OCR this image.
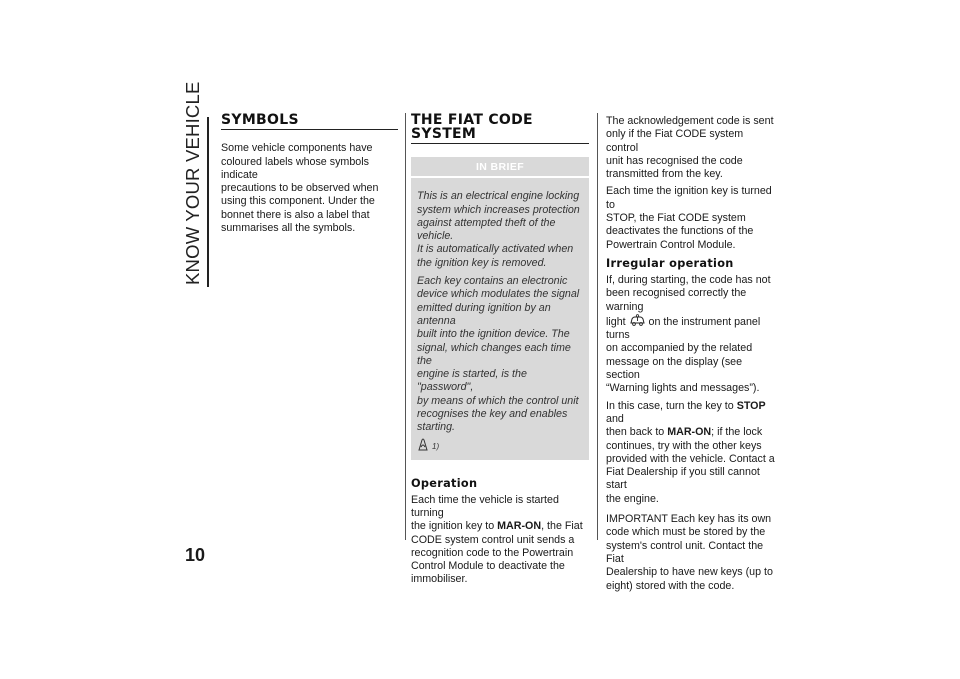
KNOW YOUR VEHICLE
10
SYMBOLS
Some vehicle components have
coloured labels whose symbols indicate
precautions to be observed when
using this component. Under the
bonnet there is also a label that
summarises all the symbols.
THE FIAT CODE
SYSTEM
IN BRIEF
This is an electrical engine locking
system which increases protection
against attempted theft of the vehicle.
It is automatically activated when
the ignition key is removed.
Each key contains an electronic
device which modulates the signal
emitted during ignition by an antenna
built into the ignition device. The
signal, which changes each time the
engine is started, is the "password",
by means of which the control unit
recognises the key and enables
starting.
1)
Operation
Each time the vehicle is started turning
the ignition key to MAR-ON, the Fiat
CODE system control unit sends a
recognition code to the Powertrain
Control Module to deactivate the
immobiliser.
The acknowledgement code is sent
only if the Fiat CODE system control
unit has recognised the code
transmitted from the key.
Each time the ignition key is turned to
STOP, the Fiat CODE system
deactivates the functions of the
Powertrain Control Module.
Irregular operation
If, during starting, the code has not
been recognised correctly the warning
light  on the instrument panel turns
on accompanied by the related
message on the display (see section
“Warning lights and messages”).
In this case, turn the key to STOP and
then back to MAR-ON; if the lock
continues, try with the other keys
provided with the vehicle. Contact a
Fiat Dealership if you still cannot start
the engine.
IMPORTANT Each key has its own
code which must be stored by the
system's control unit. Contact the Fiat
Dealership to have new keys (up to
eight) stored with the code.
